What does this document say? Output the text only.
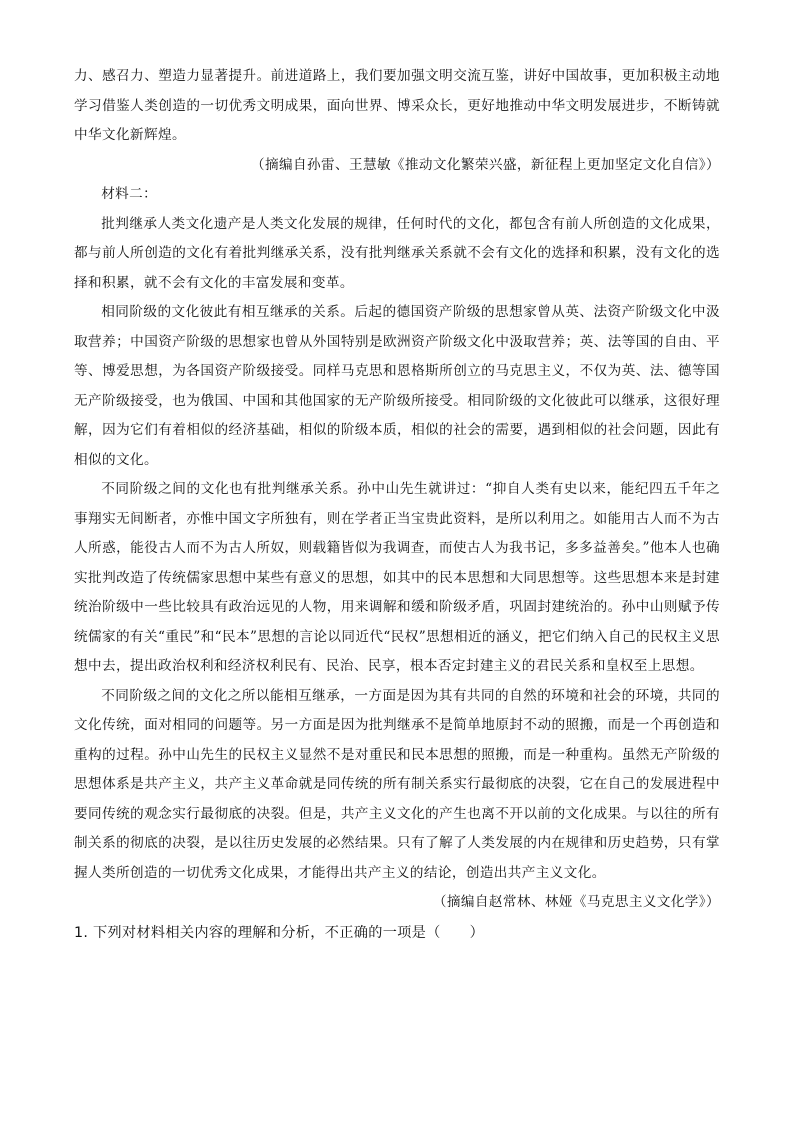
力、感召力、塑造力显著提升。前进道路上，我们要加强文明交流互鉴，讲好中国故事，更加积极主动地学习借鉴人类创造的一切优秀文明成果，面向世界、博采众长，更好地推动中华文明发展进步，不断铸就中华文化新辉煌。

（摘编自孙雷、王慧敏《推动文化繁荣兴盛，新征程上更加坚定文化自信》）

材料二：

批判继承人类文化遗产是人类文化发展的规律，任何时代的文化，都包含有前人所创造的文化成果，都与前人所创造的文化有着批判继承关系，没有批判继承关系就不会有文化的选择和积累，没有文化的选择和积累，就不会有文化的丰富发展和变革。

相同阶级的文化彼此有相互继承的关系。后起的德国资产阶级的思想家曾从英、法资产阶级文化中汲取营养；中国资产阶级的思想家也曾从外国特别是欧洲资产阶级文化中汲取营养；英、法等国的自由、平等、博爱思想，为各国资产阶级接受。同样马克思和恩格斯所创立的马克思主义，不仅为英、法、德等国无产阶级接受，也为俄国、中国和其他国家的无产阶级所接受。相同阶级的文化彼此可以继承，这很好理解，因为它们有着相似的经济基础，相似的阶级本质，相似的社会的需要，遇到相似的社会问题，因此有相似的文化。

不同阶级之间的文化也有批判继承关系。孙中山先生就讲过：“抑自人类有史以来，能纪四五千年之事翔实无间断者，亦惟中国文字所独有，则在学者正当宝贵此资料，是所以利用之。如能用古人而不为古人所惑，能役古人而不为古人所奴，则载籍皆似为我调查，而使古人为我书记，多多益善矣。”他本人也确实批判改造了传统儒家思想中某些有意义的思想，如其中的民本思想和大同思想等。这些思想本来是封建统治阶级中一些比较具有政治远见的人物，用来调解和缓和阶级矛盾，巩固封建统治的。孙中山则赋予传统儒家的有关“重民”和“民本”思想的言论以同近代“民权”思想相近的涵义，把它们纳入自己的民权主义思想中去，提出政治权利和经济权利民有、民治、民享，根本否定封建主义的君民关系和皇权至上思想。

不同阶级之间的文化之所以能相互继承，一方面是因为其有共同的自然的环境和社会的环境，共同的文化传统，面对相同的问题等。另一方面是因为批判继承不是简单地原封不动的照搬，而是一个再创造和重构的过程。孙中山先生的民权主义显然不是对重民和民本思想的照搬，而是一种重构。虽然无产阶级的思想体系是共产主义，共产主义革命就是同传统的所有制关系实行最彻底的决裂，它在自己的发展进程中要同传统的观念实行最彻底的决裂。但是，共产主义文化的产生也离不开以前的文化成果。与以往的所有制关系的彻底的决裂，是以往历史发展的必然结果。只有了解了人类发展的内在规律和历史趋势，只有掌握人类所创造的一切优秀文化成果，才能得出共产主义的结论，创造出共产主义文化。

（摘编自赵常林、林娅《马克思主义文化学》）

1. 下列对材料相关内容的理解和分析，不正确的一项是（　　）
